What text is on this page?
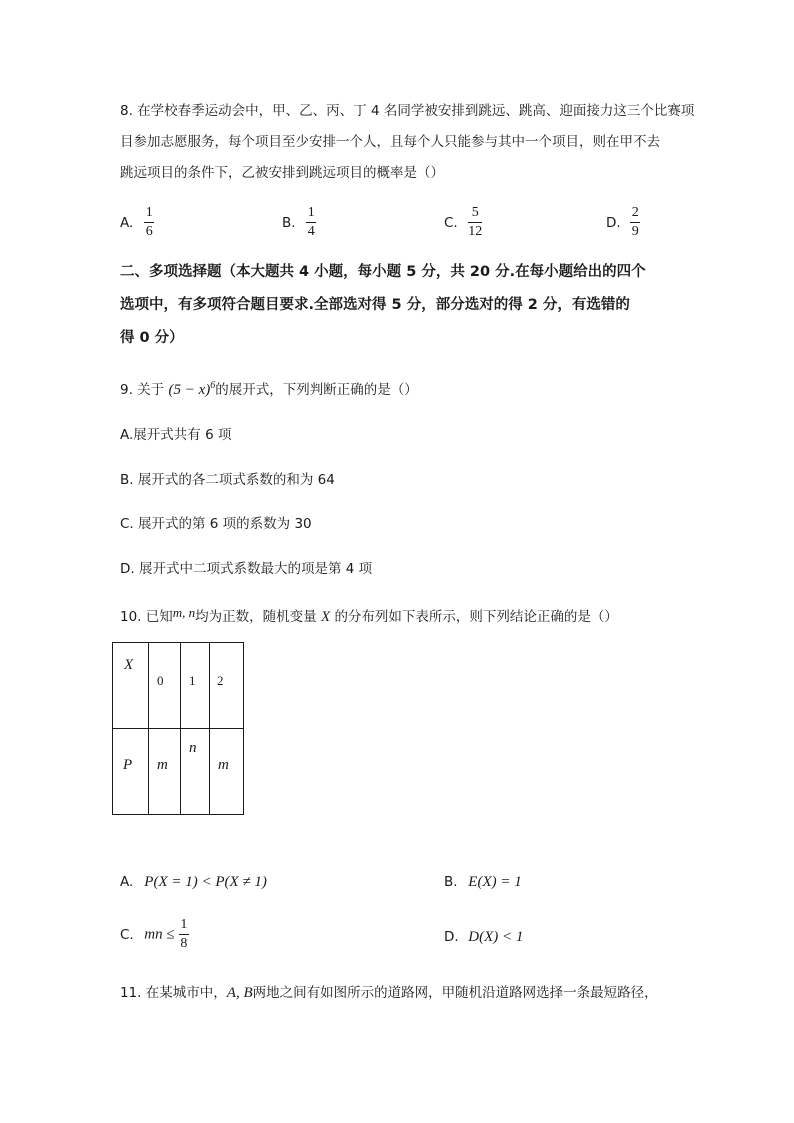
8. 在学校春季运动会中，甲、乙、丙、丁 4 名同学被安排到跳远、跳高、迎面接力这三个比赛项
目参加志愿服务，每个项目至少安排一个人，且每个人只能参与其中一个项目，则在甲不去
跳远项目的条件下，乙被安排到跳远项目的概率是（）
A. $\frac{1}{6}$	B. $\frac{1}{4}$	C. $\frac{5}{12}$	D. $\frac{2}{9}$
二、多项选择题（本大题共 4 小题，每小题 5 分，共 20 分.在每小题给出的四个
选项中，有多项符合题目要求.全部选对得 5 分，部分选对的得 2 分，有选错的
得 0 分）
9. 关于 $(5 - x)^6$的展开式，下列判断正确的是（）
A.展开式共有 6 项
B. 展开式的各二项式系数的和为 64
C. 展开式的第 6 项的系数为 30
D. 展开式中二项式系数最大的项是第 4 项
10. 已知m, n均为正数，随机变量 X 的分布列如下表所示，则下列结论正确的是（）
X	0	1	2

P	m	n	m
A. P(X = 1) < P(X ≠ 1)	B. E(X) = 1
C. mn ≤ $\frac{1}{8}$	D. D(X) < 1
11. 在某城市中，A, B两地之间有如图所示的道路网，甲随机沿道路网选择一条最短路径，
